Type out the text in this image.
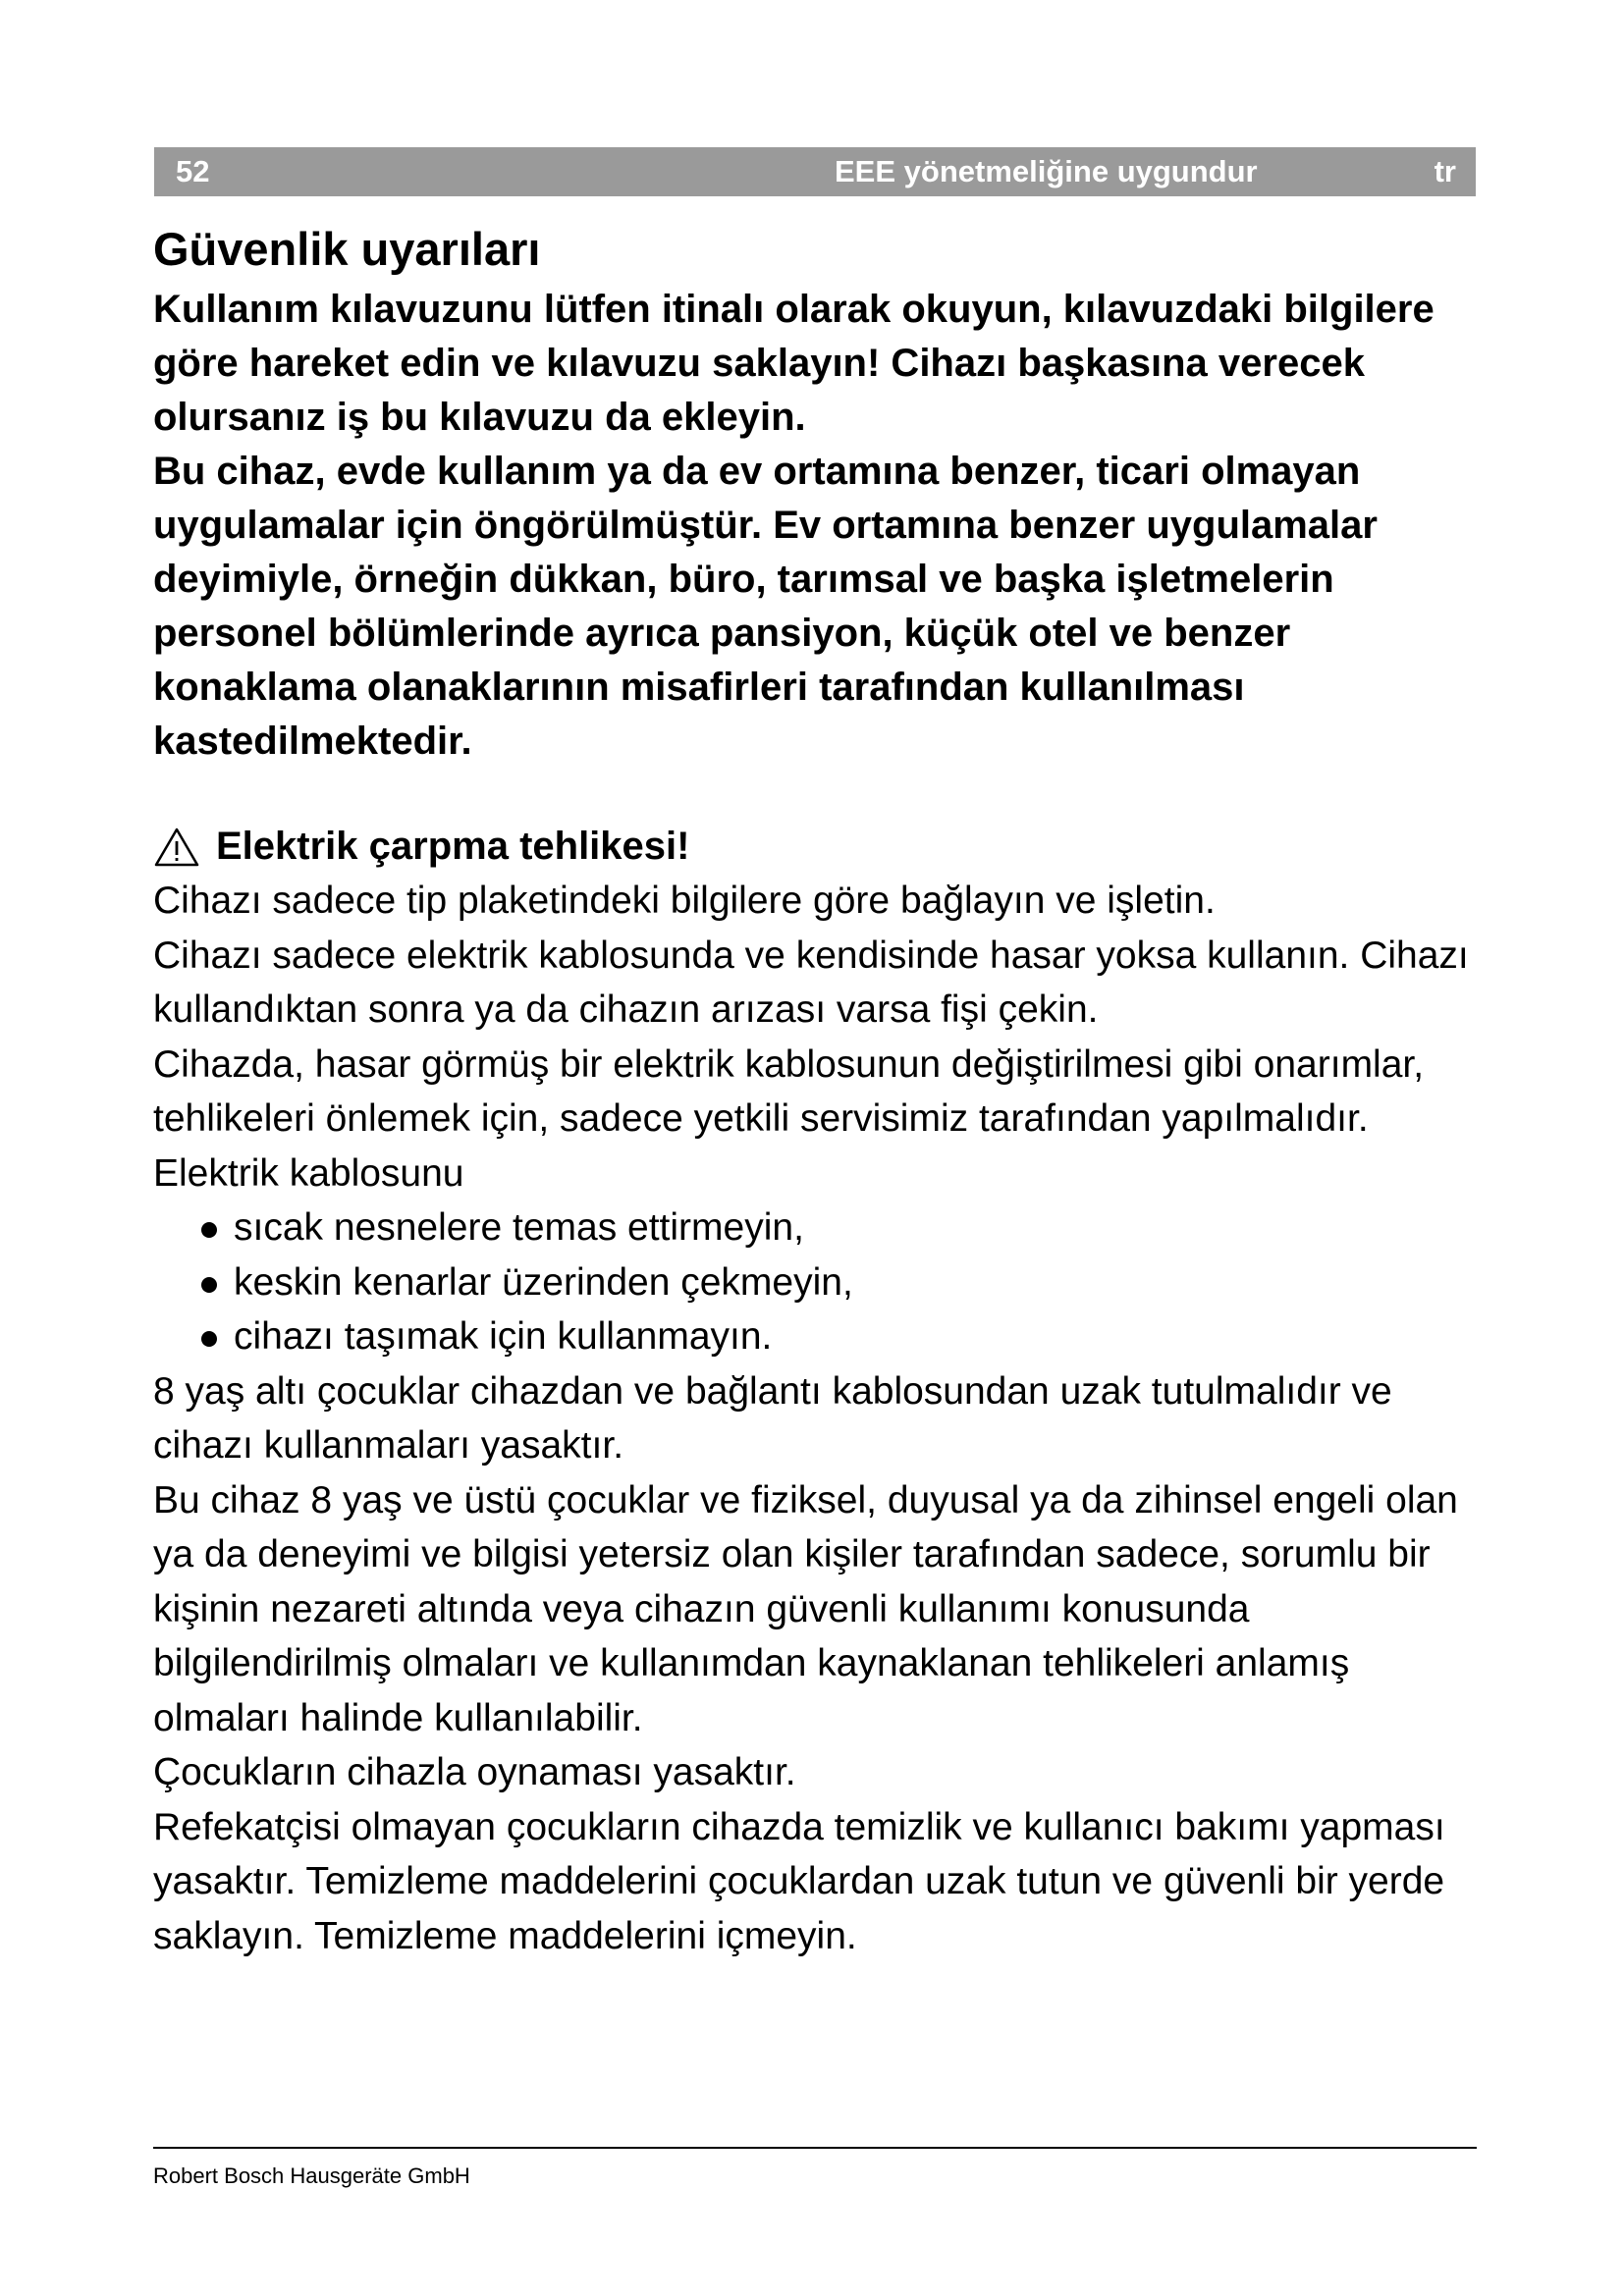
52	EEE yönetmeliğine uygundur	tr
Güvenlik uyarıları

Kullanım kılavuzunu lütfen itinalı olarak okuyun, kılavuzdaki bilgilere göre hareket edin ve kılavuzu saklayın! Cihazı başkasına verecek olursanız iş bu kılavuzu da ekleyin.

Bu cihaz, evde kullanım ya da ev ortamına benzer, ticari olmayan uygulamalar için öngörülmüştür. Ev ortamına benzer uygulamalar deyimiyle, örneğin dükkan, büro, tarımsal ve başka işletmelerin personel bölümlerinde ayrıca pansiyon, küçük otel ve benzer konaklama olanaklarının misafirleri tarafından kullanılması kastedilmektedir.

Elektrik çarpma tehlikesi!

Cihazı sadece tip plaketindeki bilgilere göre bağlayın ve işletin.

Cihazı sadece elektrik kablosunda ve kendisinde hasar yoksa kullanın. Cihazı kullandıktan sonra ya da cihazın arızası varsa fişi çekin.

Cihazda, hasar görmüş bir elektrik kablosunun değiştirilmesi gibi onarımlar, tehlikeleri önlemek için, sadece yetkili servisimiz tarafından yapılmalıdır.

Elektrik kablosunu

sıcak nesnelere temas ettirmeyin,
keskin kenarlar üzerinden çekmeyin,
cihazı taşımak için kullanmayın.

8 yaş altı çocuklar cihazdan ve bağlantı kablosundan uzak tutulmalıdır ve cihazı kullanmaları yasaktır.

Bu cihaz 8 yaş ve üstü çocuklar ve fiziksel, duyusal ya da zihinsel engeli olan ya da deneyimi ve bilgisi yetersiz olan kişiler tarafından sadece, sorumlu bir kişinin nezareti altında veya cihazın güvenli kullanımı konusunda bilgilendirilmiş olmaları ve kullanımdan kaynaklanan tehlikeleri anlamış olmaları halinde kullanılabilir.

Çocukların cihazla oynaması yasaktır.

Refekatçisi olmayan çocukların cihazda temizlik ve kullanıcı bakımı yapması yasaktır. Temizleme maddelerini çocuklardan uzak tutun ve güvenli bir yerde saklayın. Temizleme maddelerini içmeyin.

Robert Bosch Hausgeräte GmbH
